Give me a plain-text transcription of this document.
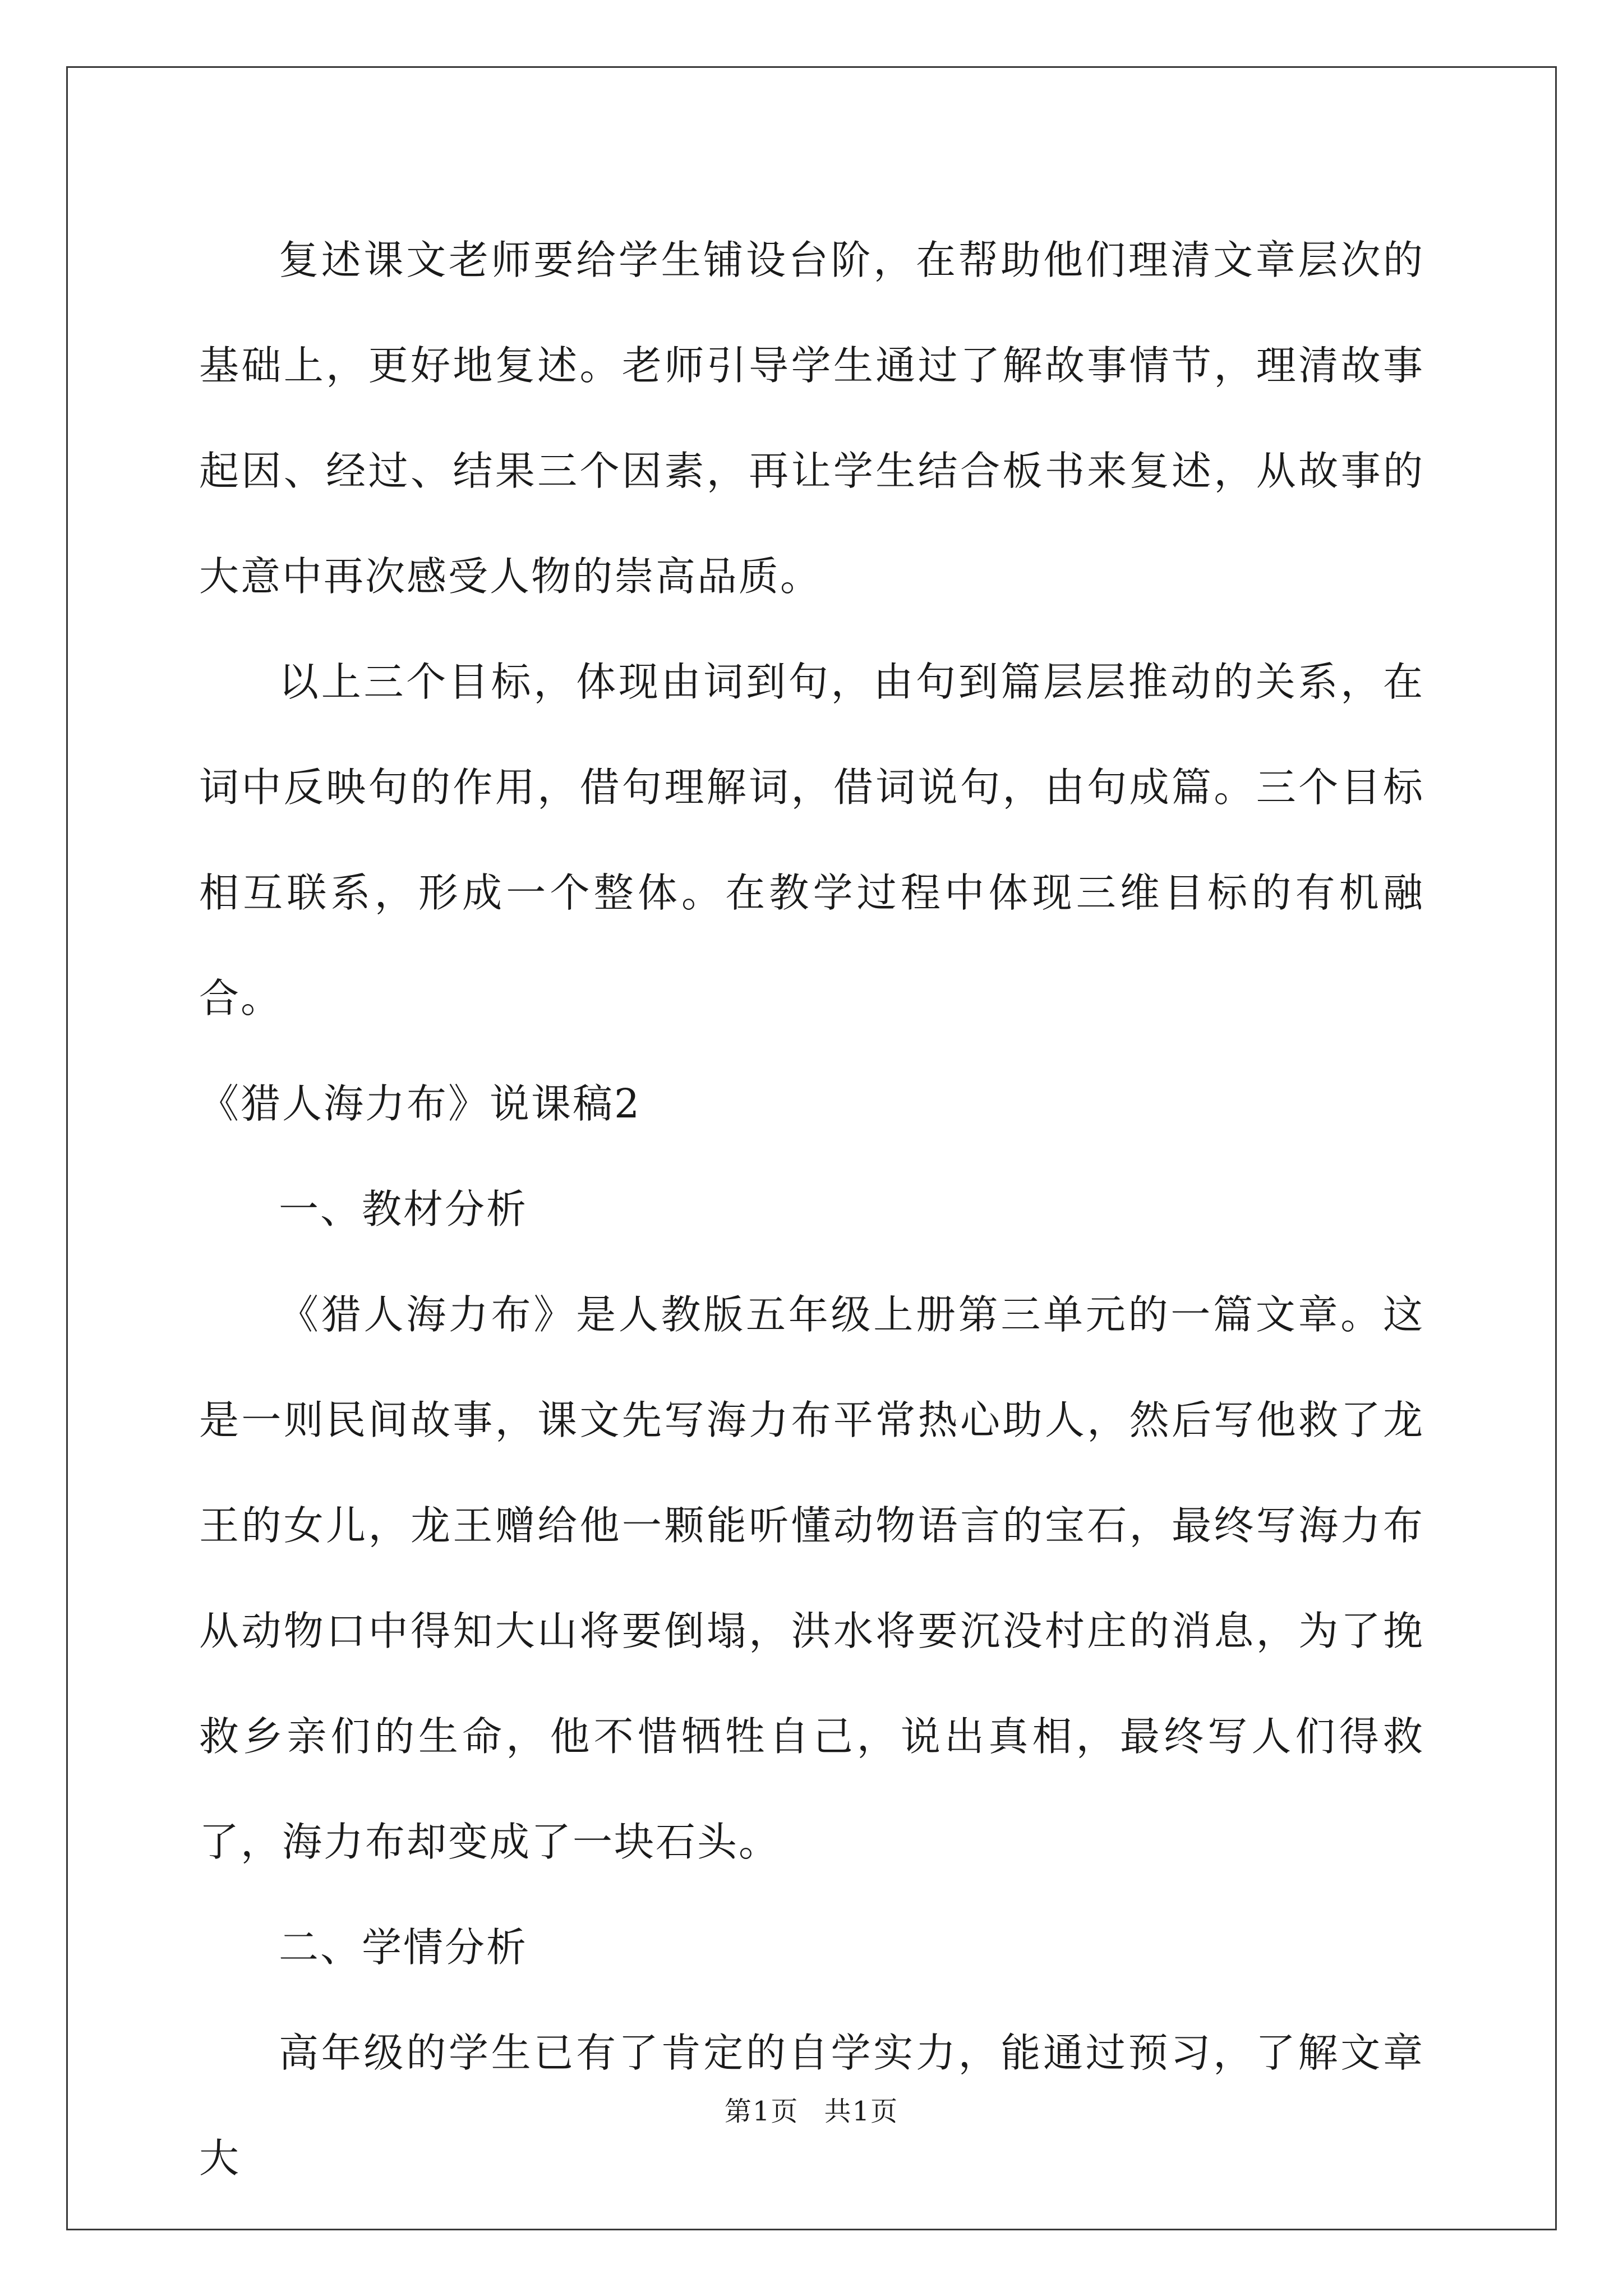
复述课文老师要给学生铺设台阶，在帮助他们理清文章层次的基础上，更好地复述。老师引导学生通过了解故事情节，理清故事起因、经过、结果三个因素，再让学生结合板书来复述，从故事的大意中再次感受人物的崇高品质。

以上三个目标，体现由词到句，由句到篇层层推动的关系，在词中反映句的作用，借句理解词，借词说句，由句成篇。三个目标相互联系，形成一个整体。在教学过程中体现三维目标的有机融合。

《猎人海力布》说课稿2

一、教材分析

《猎人海力布》是人教版五年级上册第三单元的一篇文章。这是一则民间故事，课文先写海力布平常热心助人，然后写他救了龙王的女儿，龙王赠给他一颗能听懂动物语言的宝石，最终写海力布从动物口中得知大山将要倒塌，洪水将要沉没村庄的消息，为了挽救乡亲们的生命，他不惜牺牲自己，说出真相，最终写人们得救了，海力布却变成了一块石头。

二、学情分析

高年级的学生已有了肯定的自学实力，能通过预习，了解文章大

第1页 共1页
